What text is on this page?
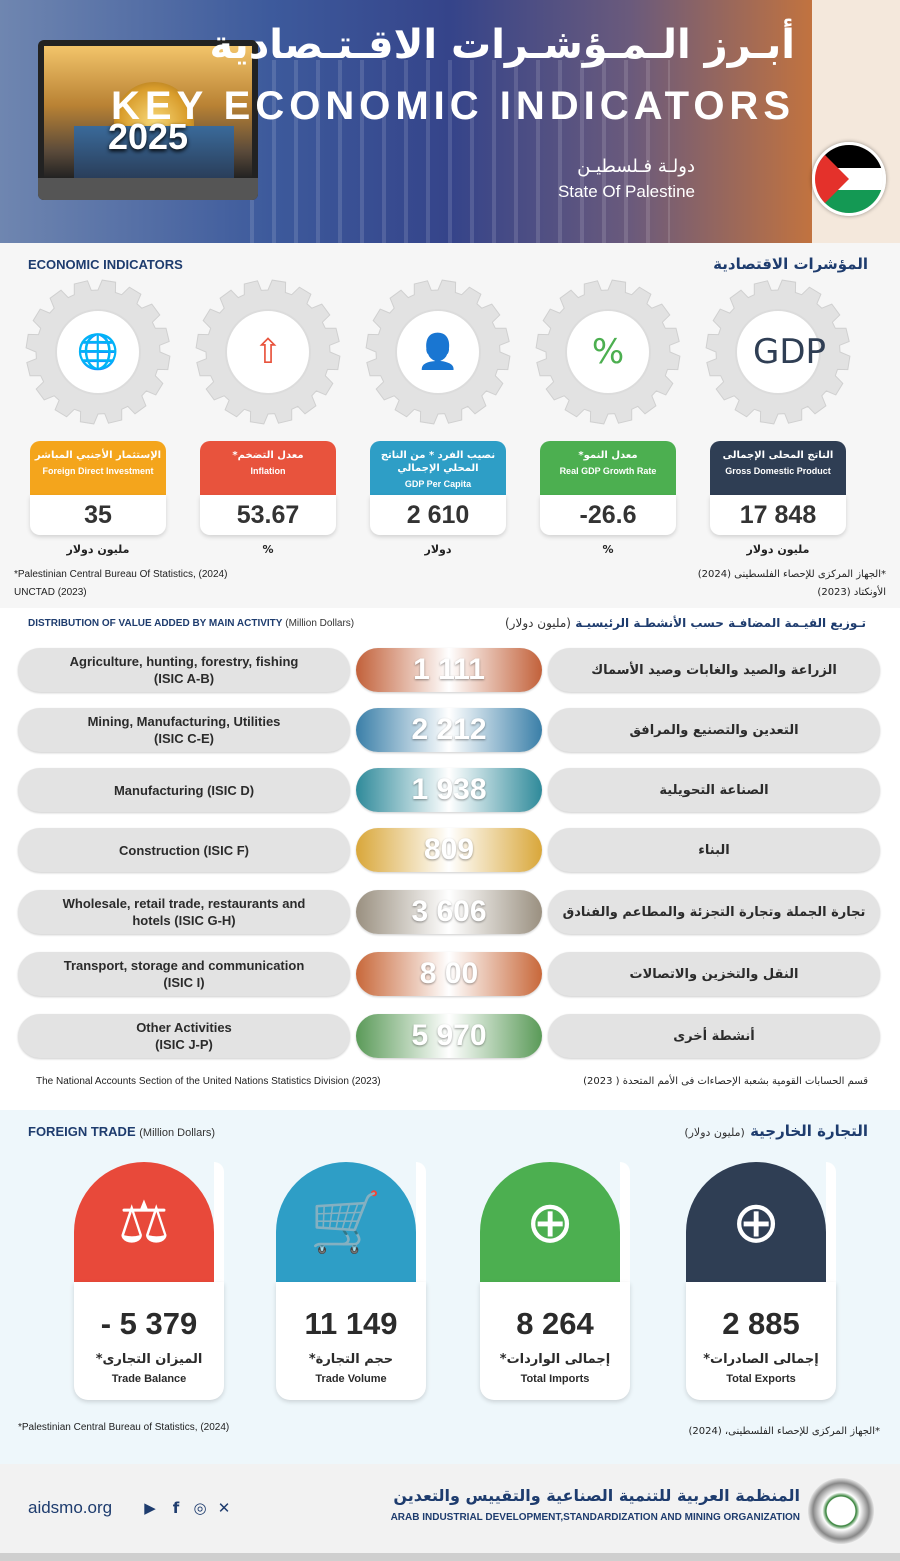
2025
أبـرز الـمـؤشـرات الاقـتـصادية
KEY ECONOMIC INDICATORS
دولـة فـلسطيـن
State Of Palestine
ECONOMIC INDICATORS	المؤشرات الاقتصادية
🌐
الإستثمار الأجنبي المباشر
Foreign Direct Investment
35
مليون دولار
⇧
معدل التضخم*
Inflation
53.67
%
👤
نصيب الفرد * من الناتج المحلي الإجمالي
GDP Per Capita
2 610
دولار
%
معدل النمو*
Real GDP Growth Rate
-26.6
%
GDP
الناتج المحلى الإجمالى
Gross Domestic Product
17 848
مليون دولار
*Palestinian Central Bureau Of Statistics, (2024)
UNCTAD (2023)
*الجهاز المركزى للإحصاء الفلسطينى (2024)
الأونكتاد (2023)
DISTRIBUTION OF VALUE ADDED BY MAIN ACTIVITY (Million Dollars)	تـوزيع القيـمة المضافـة حسب الأنشطـة الرئيسيـة (مليون دولار)
Agriculture, hunting, forestry, fishing
(ISIC A-B)	1 111	الزراعة والصيد والغابات وصيد الأسماك
Mining, Manufacturing, Utilities
(ISIC C-E)	2 212	التعدين والتصنيع والمرافق
Manufacturing (ISIC D)	1 938	الصناعة التحويلية
Construction (ISIC F)	809	البناء
Wholesale, retail trade, restaurants and
hotels (ISIC G-H)	3 606	تجارة الجملة وتجارة التجزئة والمطاعم والفنادق
Transport, storage and communication
(ISIC I)	8 00	النقل والتخزين والاتصالات
Other Activities
(ISIC J-P)	5 970	أنشطة أخرى
The National Accounts Section of the United Nations Statistics Division (2023)	قسم الحسابات القومية بشعبة الإحصاءات فى الأمم المتحدة ( 2023)
FOREIGN TRADE (Million Dollars)	التجارة الخارجية (مليون دولار)
⚖
- 5 379
الميزان التجارى*
Trade Balance
🛒
11 149
حجم التجارة*
Trade Volume
⊕
8 264
إجمالى الواردات*
Total Imports
⊕
2 885
إجمالى الصادرات*
Total Exports
*Palestinian Central Bureau of Statistics, (2024)	*الجهاز المركزى للإحصاء الفلسطينى، (2024)
aidsmo.org ▶	f ◎ ✕
المنظمة العربية للتنمية الصناعية والتقييس والتعدين
ARAB INDUSTRIAL DEVELOPMENT,STANDARDIZATION AND MINING ORGANIZATION
